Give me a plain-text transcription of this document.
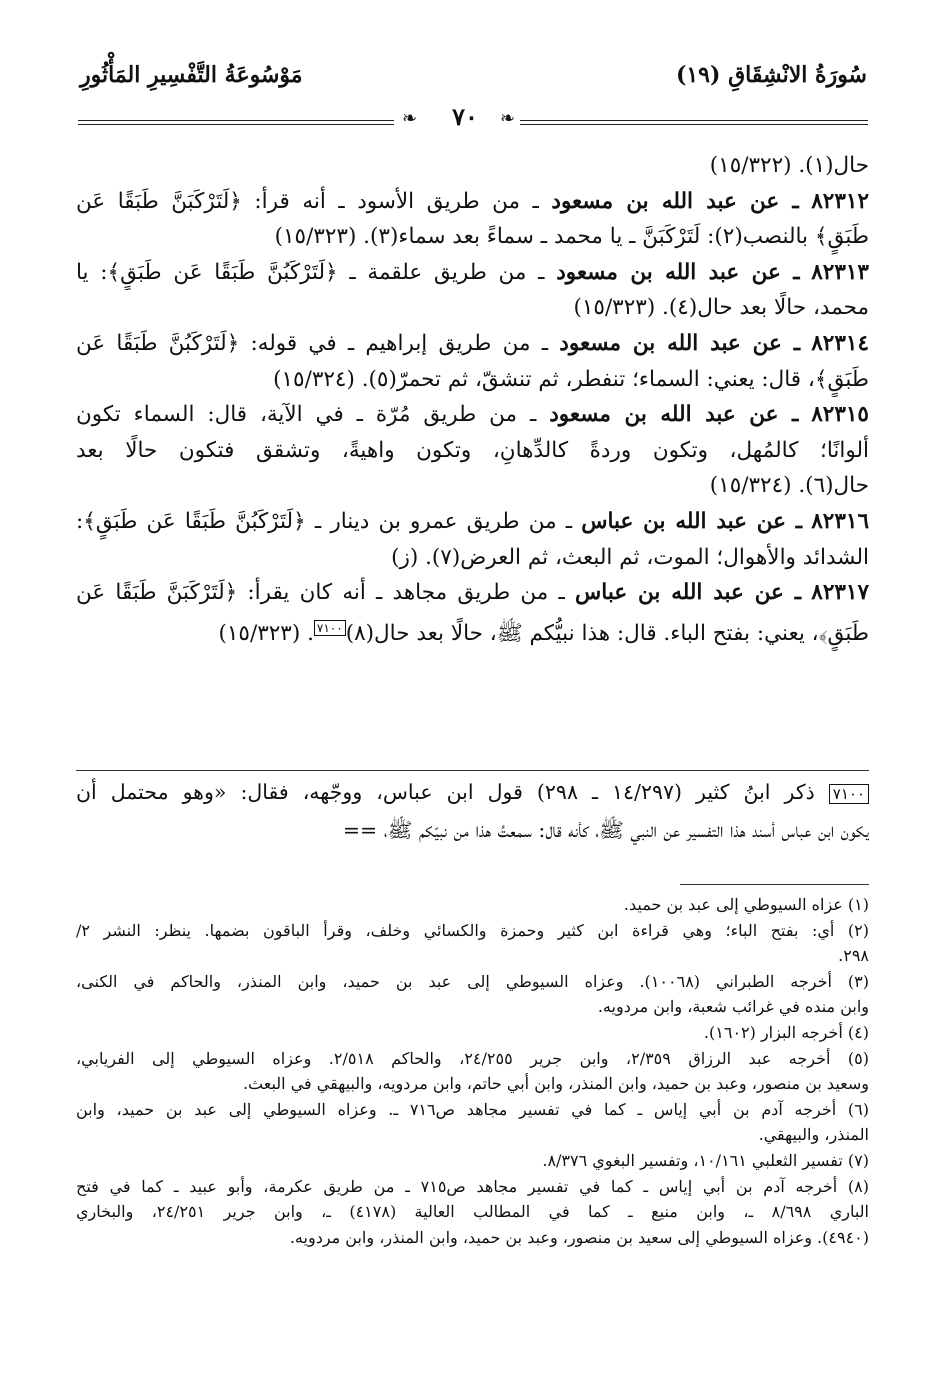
سُورَةُ الانْشِقَاقِ (١٩)
مَوْسُوعَةُ التَّفْسِيرِ المَأْثُورِ
❧	٧٠	❧

حال(١). (١٥/٣٢٢)

٨٢٣١٢ ـ عن عبد الله بن مسعود ـ من طريق الأسود ـ أنه قرأ: ﴿لَتَرْكَبَنَّ طَبَقًا عَن
طَبَقٍ﴾ بالنصب(٢): لَتَرْكَبَنَّ ـ يا محمد ـ سماءً بعد سماء(٣). (١٥/٣٢٣)

٨٢٣١٣ ـ عن عبد الله بن مسعود ـ من طريق علقمة ـ ﴿لَتَرْكَبُنَّ طَبَقًا عَن طَبَقٍ﴾: يا
محمد، حالًا بعد حال(٤). (١٥/٣٢٣)

٨٢٣١٤ ـ عن عبد الله بن مسعود ـ من طريق إبراهيم ـ في قوله: ﴿لَتَرْكَبُنَّ طَبَقًا عَن
طَبَقٍ﴾، قال: يعني: السماء؛ تنفطر، ثم تنشقّ، ثم تحمرّ(٥). (١٥/٣٢٤)

٨٢٣١٥ ـ عن عبد الله بن مسعود ـ من طريق مُرّة ـ في الآية، قال: السماء تكون
ألوانًا؛ كالمُهل، وتكون وردةً كالدِّهانِ، وتكون واهيةً، وتشقق فتكون حالًا بعد
حال(٦). (١٥/٣٢٤)

٨٢٣١٦ ـ عن عبد الله بن عباس ـ من طريق عمرو بن دينار ـ ﴿لَتَرْكَبُنَّ طَبَقًا عَن طَبَقٍ﴾:
الشدائد والأهوال؛ الموت، ثم البعث، ثم العرض(٧). (ز)

٨٢٣١٧ ـ عن عبد الله بن عباس ـ من طريق مجاهد ـ أنه كان يقرأ: ﴿لَتَرْكَبَنَّ طَبَقًا عَن
طَبَقٍ﴾، يعني: بفتح الباء. قال: هذا نبيُّكم ﷺ، حالًا بعد حال(٨)$^{٧١٠٠}$. (١٥/٣٢٣)

٧١٠٠ ذكر ابنُ كثير (١٤/٢٩٧ ـ ٢٩٨) قول ابن عباس، ووجّهه، فقال: «وهو محتمل أن
يكون ابن عباس أسند هذا التفسير عن النبي ﷺ، كأنه قال: سمعتُ هذا من نبيّكم ﷺ، ==
(١) عزاه السيوطي إلى عبد بن حميد.
(٢) أي: بفتح الباء؛ وهي قراءة ابن كثير وحمزة والكسائي وخلف، وقرأ الباقون بضمها. ينظر: النشر ٢/
٢٩٨.
(٣) أخرجه الطبراني (١٠٠٦٨). وعزاه السيوطي إلى عبد بن حميد، وابن المنذر، والحاكم في الكنى،
وابن منده في غرائب شعبة، وابن مردويه.
(٤) أخرجه البزار (١٦٠٢).
(٥) أخرجه عبد الرزاق ٢/٣٥٩، وابن جرير ٢٤/٢٥٥، والحاكم ٢/٥١٨. وعزاه السيوطي إلى الفريابي،
وسعيد بن منصور، وعبد بن حميد، وابن المنذر، وابن أبي حاتم، وابن مردويه، والبيهقي في البعث.
(٦) أخرجه آدم بن أبي إياس ـ كما في تفسير مجاهد ص٧١٦ ـ. وعزاه السيوطي إلى عبد بن حميد، وابن
المنذر، والبيهقي.
(٧) تفسير الثعلبي ١٠/١٦١، وتفسير البغوي ٨/٣٧٦.
(٨) أخرجه آدم بن أبي إياس ـ كما في تفسير مجاهد ص٧١٥ ـ من طريق عكرمة، وأبو عبيد ـ كما في فتح
الباري ٨/٦٩٨ ـ، وابن منيع ـ كما في المطالب العالية (٤١٧٨) ـ، وابن جرير ٢٤/٢٥١، والبخاري
(٤٩٤٠). وعزاه السيوطي إلى سعيد بن منصور، وعبد بن حميد، وابن المنذر، وابن مردويه.
